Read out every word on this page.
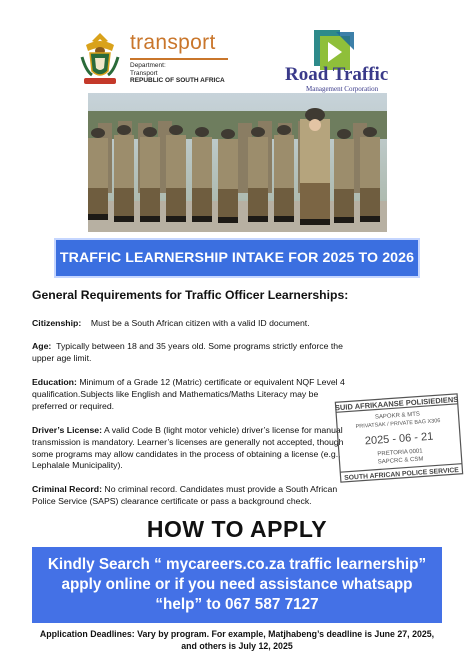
transport
Department:
Transport
REPUBLIC OF SOUTH AFRICA	Road Traffic
Management Corporation
TRAFFIC LEARNERSHIP INTAKE FOR 2025 TO 2026
General Requirements for Traffic Officer Learnerships:
Citizenship: Must be a South African citizen with a valid ID document.
Age: Typically between 18 and 35 years old. Some programs strictly enforce the upper age limit.
Education: Minimum of a Grade 12 (Matric) certificate or equivalent NQF Level 4 qualification.Subjects like English and Mathematics/Maths Literacy may be preferred or required.
Driver’s License: A valid Code B (light motor vehicle) driver’s license for manual transmission is mandatory. Learner’s licenses are generally not accepted, though some programs may allow candidates in the process of obtaining a license (e.g., Lephalale Municipality).
Criminal Record: No criminal record. Candidates must provide a South African Police Service (SAPS) clearance certificate or pass a background check.
SUID AFRIKAANSE POLISIEDIENS
SAPOKR & MTS
PRIVATSAK / PRIVATE BAG X306
2025 - 06 - 21
PRETORIA 0001
SAPCRC & CSM
SOUTH AFRICAN POLICE SERVICE
HOW TO APPLY
Kindly Search “ mycareers.co.za traffic learnership”
apply online or if you need assistance whatsapp
“help” to 067 587 7127
Application Deadlines: Vary by program. For example, Matjhabeng’s deadline is June 27, 2025,
and others is July 12, 2025
